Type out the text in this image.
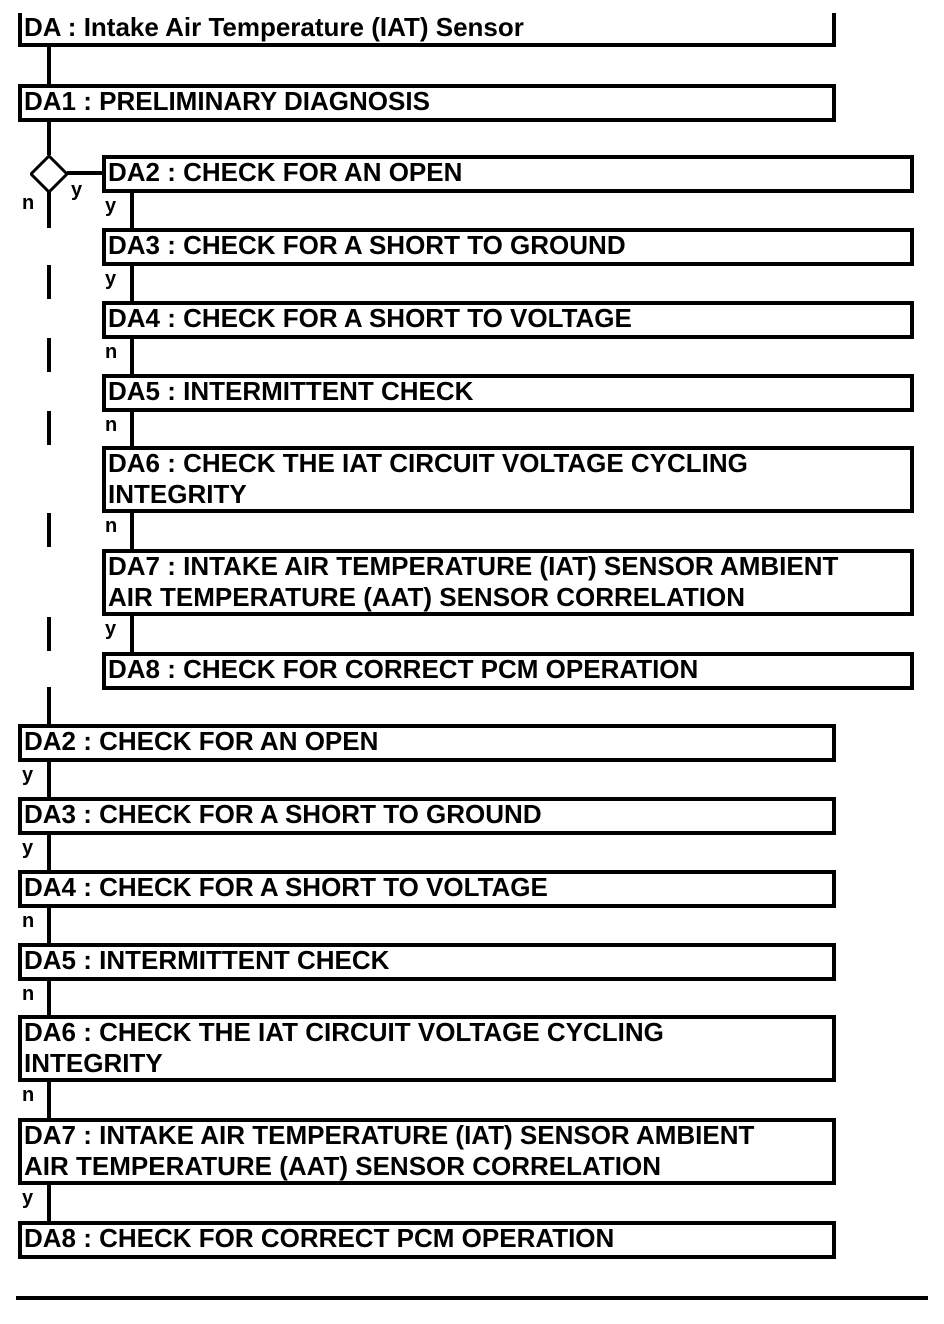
DA : Intake Air Temperature (IAT) Sensor
DA1 : PRELIMINARY DIAGNOSIS
y
n
DA2 : CHECK FOR AN OPEN
y
DA3 : CHECK FOR A SHORT TO GROUND
y
DA4 : CHECK FOR A SHORT TO VOLTAGE
n
DA5 : INTERMITTENT CHECK
n
DA6 : CHECK THE IAT CIRCUIT VOLTAGE CYCLING
INTEGRITY
n
DA7 : INTAKE AIR TEMPERATURE (IAT) SENSOR AMBIENT
AIR TEMPERATURE (AAT) SENSOR CORRELATION
y
DA8 : CHECK FOR CORRECT PCM OPERATION
DA2 : CHECK FOR AN OPEN
y
DA3 : CHECK FOR A SHORT TO GROUND
y
DA4 : CHECK FOR A SHORT TO VOLTAGE
n
DA5 : INTERMITTENT CHECK
n
DA6 : CHECK THE IAT CIRCUIT VOLTAGE CYCLING
INTEGRITY
n
DA7 : INTAKE AIR TEMPERATURE (IAT) SENSOR AMBIENT
AIR TEMPERATURE (AAT) SENSOR CORRELATION
y
DA8 : CHECK FOR CORRECT PCM OPERATION
